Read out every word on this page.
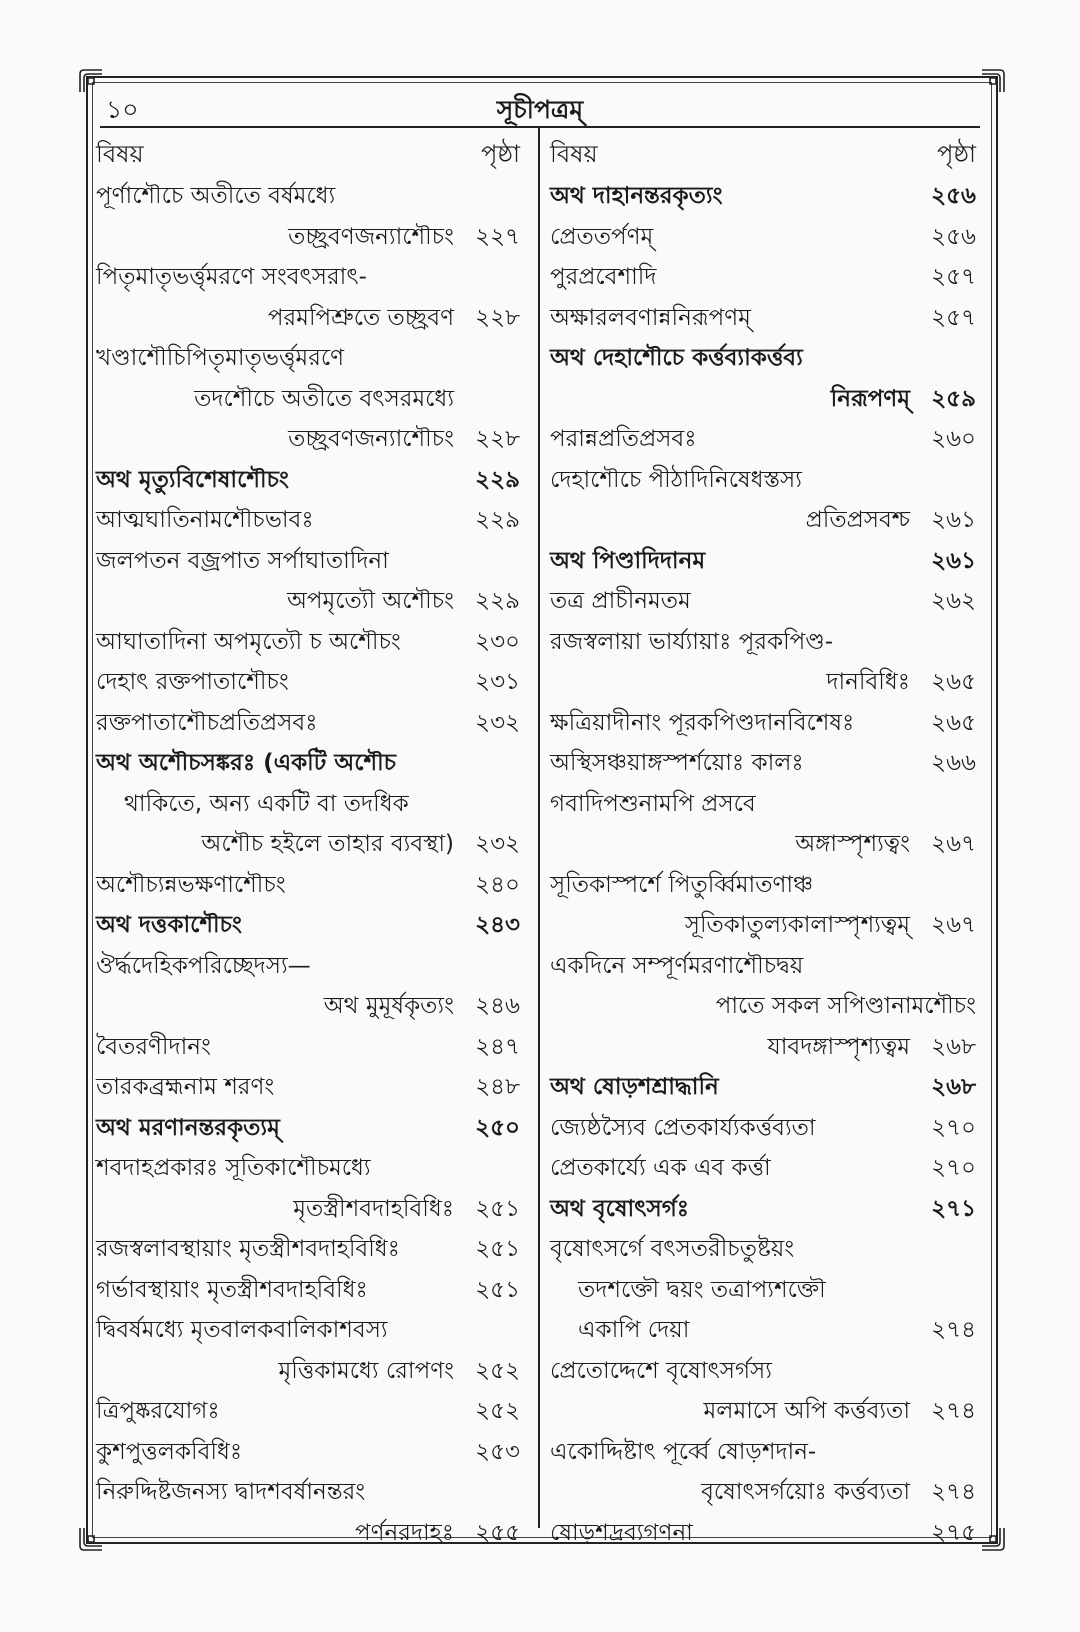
১০	সূচীপত্রম্
বিষয়	পৃষ্ঠা
পূর্ণাশৌচে অতীতে বর্ষমধ্যে
তচ্ছ্রবণজন্যাশৌচং ২২৭
পিতৃমাতৃভর্ত্তৃমরণে সংবৎসরাৎ-
পরমপিশ্রুতে তচ্ছ্রবণ ২২৮
খণ্ডাশৌচিপিতৃমাতৃভর্ত্তৃমরণে
তদশৌচে অতীতে বৎসরমধ্যে
তচ্ছ্রবণজন্যাশৌচং ২২৮
অথ মৃত্যুবিশেষাশৌচং	২২৯
আত্মঘাতিনামশৌচভাবঃ	২২৯
জলপতন বজ্রপাত সর্পাঘাতাদিনা
অপমৃত্যৌ অশৌচং ২২৯
আঘাতাদিনা অপমৃত্যৌ চ অশৌচং	২৩০
দেহাৎ রক্তপাতাশৌচং	২৩১
রক্তপাতাশৌচপ্রতিপ্রসবঃ	২৩২
অথ অশৌচসঙ্করঃ (একটি অশৌচ
থাকিতে, অন্য একটি বা তদধিক
অশৌচ হইলে তাহার ব্যবস্থা) ২৩২
অশৌচ্যন্নভক্ষণাশৌচং	২৪০
অথ দত্তকাশৌচং	২৪৩
ঔর্দ্ধদেহিকপরিচ্ছেদস্য—
অথ মুমূর্ষকৃত্যং ২৪৬
বৈতরণীদানং	২৪৭
তারকব্রহ্মনাম শরণং	২৪৮
অথ মরণানন্তরকৃত্যম্	২৫০
শবদাহপ্রকারঃ সূতিকাশৌচমধ্যে
মৃতস্ত্রীশবদাহবিধিঃ ২৫১
রজস্বলাবস্থায়াং মৃতস্ত্রীশবদাহবিধিঃ	২৫১
গর্ভাবস্থায়াং মৃতস্ত্রীশবদাহবিধিঃ	২৫১
দ্বিবর্ষমধ্যে মৃতবালকবালিকাশবস্য
মৃত্তিকামধ্যে রোপণং ২৫২
ত্রিপুষ্করযোগঃ	২৫২
কুশপুত্তলকবিধিঃ	২৫৩
নিরুদ্দিষ্টজনস্য দ্বাদশবর্ষানন্তরং
পর্ণনরদাহঃ ২৫৫
বিষয়	পৃষ্ঠা
অথ দাহানন্তরকৃত্যং	২৫৬
প্রেততর্পণম্	২৫৬
পুরপ্রবেশাদি	২৫৭
অক্ষারলবণান্ননিরূপণম্	২৫৭
অথ দেহাশৌচে কর্ত্তব্যাকর্ত্তব্য
নিরূপণম্ ২৫৯
পরান্নপ্রতিপ্রসবঃ	২৬০
দেহাশৌচে পীঠাদিনিষেধস্তস্য
প্রতিপ্রসবশ্চ ২৬১
অথ পিণ্ডাদিদানম	২৬১
তত্র প্রাচীনমতম	২৬২
রজস্বলায়া ভার্য্যায়াঃ পূরকপিণ্ড-
দানবিধিঃ ২৬৫
ক্ষত্রিয়াদীনাং পূরকপিণ্ডদানবিশেষঃ	২৬৫
অস্থিসঞ্চয়াঙ্গস্পর্শয়োঃ কালঃ	২৬৬
গবাদিপশুনামপি প্রসবে
অঙ্গাস্পৃশ্যত্বং ২৬৭
সূতিকাস্পর্শে পিতুর্ব্বিমাতণাঞ্চ
সূতিকাতুল্যকালাস্পৃশ্যত্বম্ ২৬৭
একদিনে সম্পূর্ণমরণাশৌচদ্বয়
পাতে সকল সপিণ্ডানামশৌচং
যাবদঙ্গাস্পৃশ্যত্বম ২৬৮
অথ ষোড়শশ্রাদ্ধানি	২৬৮
জ্যেষ্ঠস্যৈব প্রেতকার্য্যকর্ত্তব্যতা	২৭০
প্রেতকার্য্যে এক এব কর্ত্তা	২৭০
অথ বৃষোৎসর্গঃ	২৭১
বৃষোৎসর্গে বৎসতরীচতুষ্টয়ং
তদশক্তৌ দ্বয়ং তত্রাপ্যশক্তৌ
একাপি দেয়া	২৭৪
প্রেতোদ্দেশে বৃষোৎসর্গস্য
মলমাসে অপি কর্ত্তব্যতা ২৭৪
একোদ্দিষ্টাৎ পূর্ব্বে ষোড়শদান-
বৃষোৎসর্গয়োঃ কর্ত্তব্যতা ২৭৪
ষোড়শদ্রব্যগণনা	২৭৫
